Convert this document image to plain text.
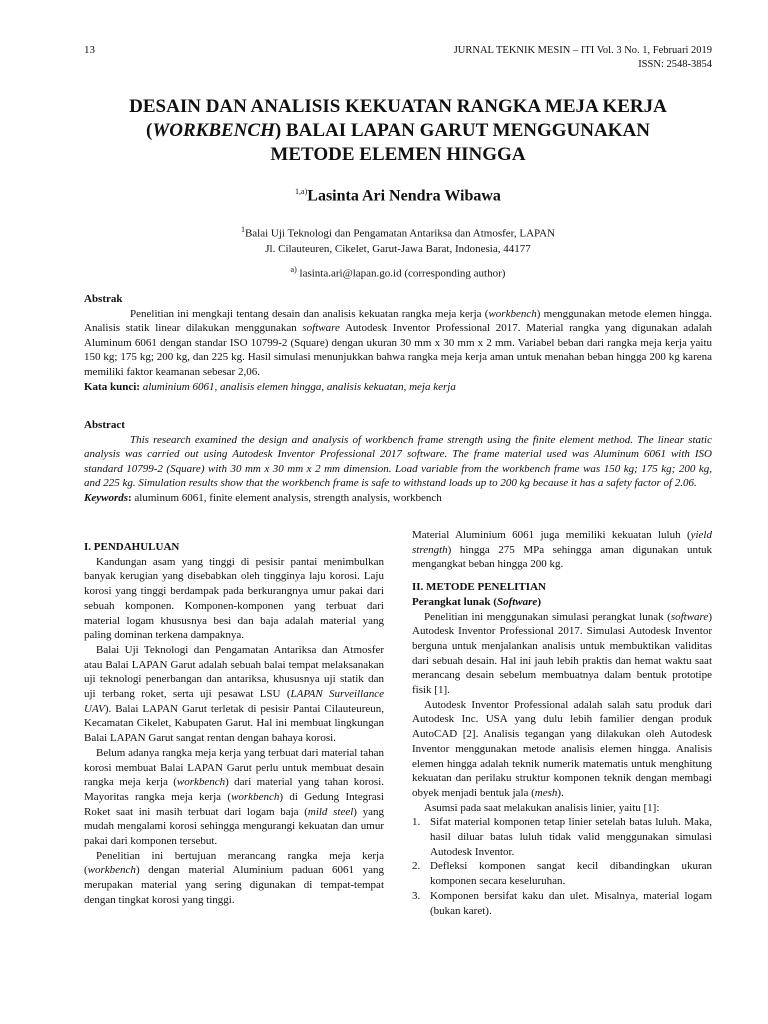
13	JURNAL TEKNIK MESIN – ITI Vol. 3 No. 1, Februari 2019
ISSN: 2548-3854
DESAIN DAN ANALISIS KEKUATAN RANGKA MEJA KERJA
(WORKBENCH) BALAI LAPAN GARUT MENGGUNAKAN
METODE ELEMEN HINGGA
$^{1,a)}$Lasinta Ari Nendra Wibawa
$^1$Balai Uji Teknologi dan Pengamatan Antariksa dan Atmosfer, LAPAN
Jl. Cilauteuren, Cikelet, Garut-Jawa Barat, Indonesia, 44177
$^{a)}$ lasinta.ari@lapan.go.id (corresponding author)
Abstrak

Penelitian ini mengkaji tentang desain dan analisis kekuatan rangka meja kerja (workbench) menggunakan metode elemen hingga. Analisis statik linear dilakukan menggunakan software Autodesk Inventor Professional 2017. Material rangka yang digunakan adalah Aluminum 6061 dengan standar ISO 10799-2 (Square) dengan ukuran 30 mm x 30 mm x 2 mm. Variabel beban dari rangka meja kerja yaitu 150 kg; 175 kg; 200 kg, dan 225 kg. Hasil simulasi menunjukkan bahwa rangka meja kerja aman untuk menahan beban hingga 200 kg karena memiliki faktor keamanan sebesar 2,06.

Kata kunci: aluminium 6061, analisis elemen hingga, analisis kekuatan, meja kerja

Abstract

This research examined the design and analysis of workbench frame strength using the finite element method. The linear static analysis was carried out using Autodesk Inventor Professional 2017 software. The frame material used was Aluminum 6061 with ISO standard 10799-2 (Square) with 30 mm x 30 mm x 2 mm dimension. Load variable from the workbench frame was 150 kg; 175 kg; 200 kg, and 225 kg. Simulation results show that the workbench frame is safe to withstand loads up to 200 kg because it has a safety factor of 2.06.

Keywords: aluminum 6061, finite element analysis, strength analysis, workbench

I. PENDAHULUAN

Kandungan asam yang tinggi di pesisir pantai menimbulkan banyak kerugian yang disebabkan oleh tingginya laju korosi. Laju korosi yang tinggi berdampak pada berkurangnya umur pakai dari sebuah komponen. Komponen-komponen yang terbuat dari material logam khususnya besi dan baja adalah material yang paling dominan terkena dampaknya.

Balai Uji Teknologi dan Pengamatan Antariksa dan Atmosfer atau Balai LAPAN Garut adalah sebuah balai tempat melaksanakan uji teknologi penerbangan dan antariksa, khususnya uji statik dan uji terbang roket, serta uji pesawat LSU (LAPAN Surveillance UAV). Balai LAPAN Garut terletak di pesisir Pantai Cilauteureun, Kecamatan Cikelet, Kabupaten Garut. Hal ini membuat lingkungan Balai LAPAN Garut sangat rentan dengan bahaya korosi.

Belum adanya rangka meja kerja yang terbuat dari material tahan korosi membuat Balai LAPAN Garut perlu untuk membuat desain rangka meja kerja (workbench) dari material yang tahan korosi. Mayoritas rangka meja kerja (workbench) di Gedung Integrasi Roket saat ini masih terbuat dari logam baja (mild steel) yang mudah mengalami korosi sehingga mengurangi kekuatan dan umur pakai dari komponen tersebut.

Penelitian ini bertujuan merancang rangka meja kerja (workbench) dengan material Aluminium paduan 6061 yang merupakan material yang sering digunakan di tempat-tempat dengan tingkat korosi yang tinggi.

Material Aluminium 6061 juga memiliki kekuatan luluh (yield strength) hingga 275 MPa sehingga aman digunakan untuk mengangkat beban hingga 200 kg.

II. METODE PENELITIAN

Perangkat lunak (Software)

Penelitian ini menggunakan simulasi perangkat lunak (software) Autodesk Inventor Professional 2017. Simulasi Autodesk Inventor berguna untuk menjalankan analisis untuk membuktikan validitas dari sebuah desain. Hal ini jauh lebih praktis dan hemat waktu saat merancang desain sebelum membuatnya dalam bentuk prototipe fisik [1].

Autodesk Inventor Professional adalah salah satu produk dari Autodesk Inc. USA yang dulu lebih familier dengan produk AutoCAD [2]. Analisis tegangan yang dilakukan oleh Autodesk Inventor menggunakan metode analisis elemen hingga. Analisis elemen hingga adalah teknik numerik matematis untuk menghitung kekuatan dan perilaku struktur komponen teknik dengan membagi obyek menjadi bentuk jala (mesh).

Asumsi pada saat melakukan analisis linier, yaitu [1]:

1. Sifat material komponen tetap linier setelah batas luluh. Maka, hasil diluar batas luluh tidak valid menggunakan simulasi Autodesk Inventor.
2. Defleksi komponen sangat kecil dibandingkan ukuran komponen secara keseluruhan.
3. Komponen bersifat kaku dan ulet. Misalnya, material logam (bukan karet).
